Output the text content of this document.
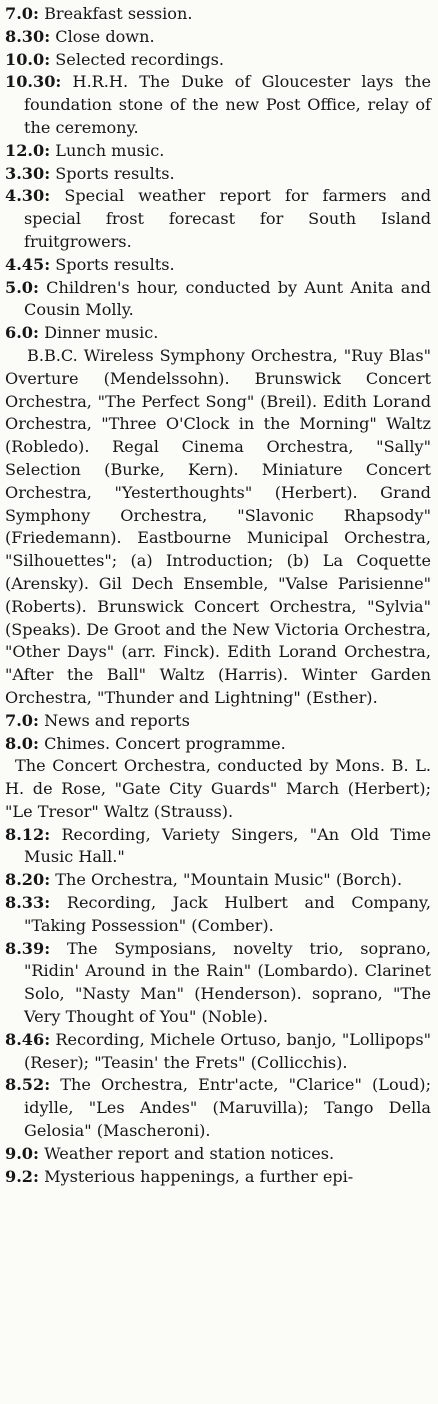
7.0: Breakfast session.

8.30: Close down.

10.0: Selected recordings.

10.30: H.R.H. The Duke of Gloucester lays the foundation stone of the new Post Office, relay of the ceremony.

12.0: Lunch music.

3.30: Sports results.

4.30: Special weather report for farmers and special frost forecast for South Island fruitgrowers.

4.45: Sports results.

5.0: Children's hour, conducted by Aunt Anita and Cousin Molly.

6.0: Dinner music.

B.B.C. Wireless Symphony Orchestra, "Ruy Blas" Overture (Mendelssohn). Brunswick Concert Orchestra, "The Perfect Song" (Breil). Edith Lorand Orchestra, "Three O'Clock in the Morning" Waltz (Robledo). Regal Cinema Orchestra, "Sally" Selection (Burke, Kern). Miniature Concert Orchestra, "Yesterthoughts" (Herbert). Grand Symphony Orchestra, "Slavonic Rhapsody" (Friedemann). Eastbourne Municipal Orchestra, "Silhouettes"; (a) Introduction; (b) La Coquette (Arensky). Gil Dech Ensemble, "Valse Parisienne" (Roberts). Brunswick Concert Orchestra, "Sylvia" (Speaks). De Groot and the New Victoria Orchestra, "Other Days" (arr. Finck). Edith Lorand Orchestra, "After the Ball" Waltz (Harris). Winter Garden Orchestra, "Thunder and Lightning" (Esther).

7.0: News and reports

8.0: Chimes. Concert programme.

The Concert Orchestra, conducted by Mons. B. L. H. de Rose, "Gate City Guards" March (Herbert); "Le Tresor" Waltz (Strauss).

8.12: Recording, Variety Singers, "An Old Time Music Hall."

8.20: The Orchestra, "Mountain Music" (Borch).

8.33: Recording, Jack Hulbert and Company, "Taking Possession" (Comber).

8.39: The Symposians, novelty trio, soprano, "Ridin' Around in the Rain" (Lombardo). Clarinet Solo, "Nasty Man" (Henderson). soprano, "The Very Thought of You" (Noble).

8.46: Recording, Michele Ortuso, banjo, "Lollipops" (Reser); "Teasin' the Frets" (Collicchis).

8.52: The Orchestra, Entr'acte, "Clarice" (Loud); idylle, "Les Andes" (Maruvilla); Tango Della Gelosia" (Mascheroni).

9.0: Weather report and station notices.

9.2: Mysterious happenings, a further epi-
